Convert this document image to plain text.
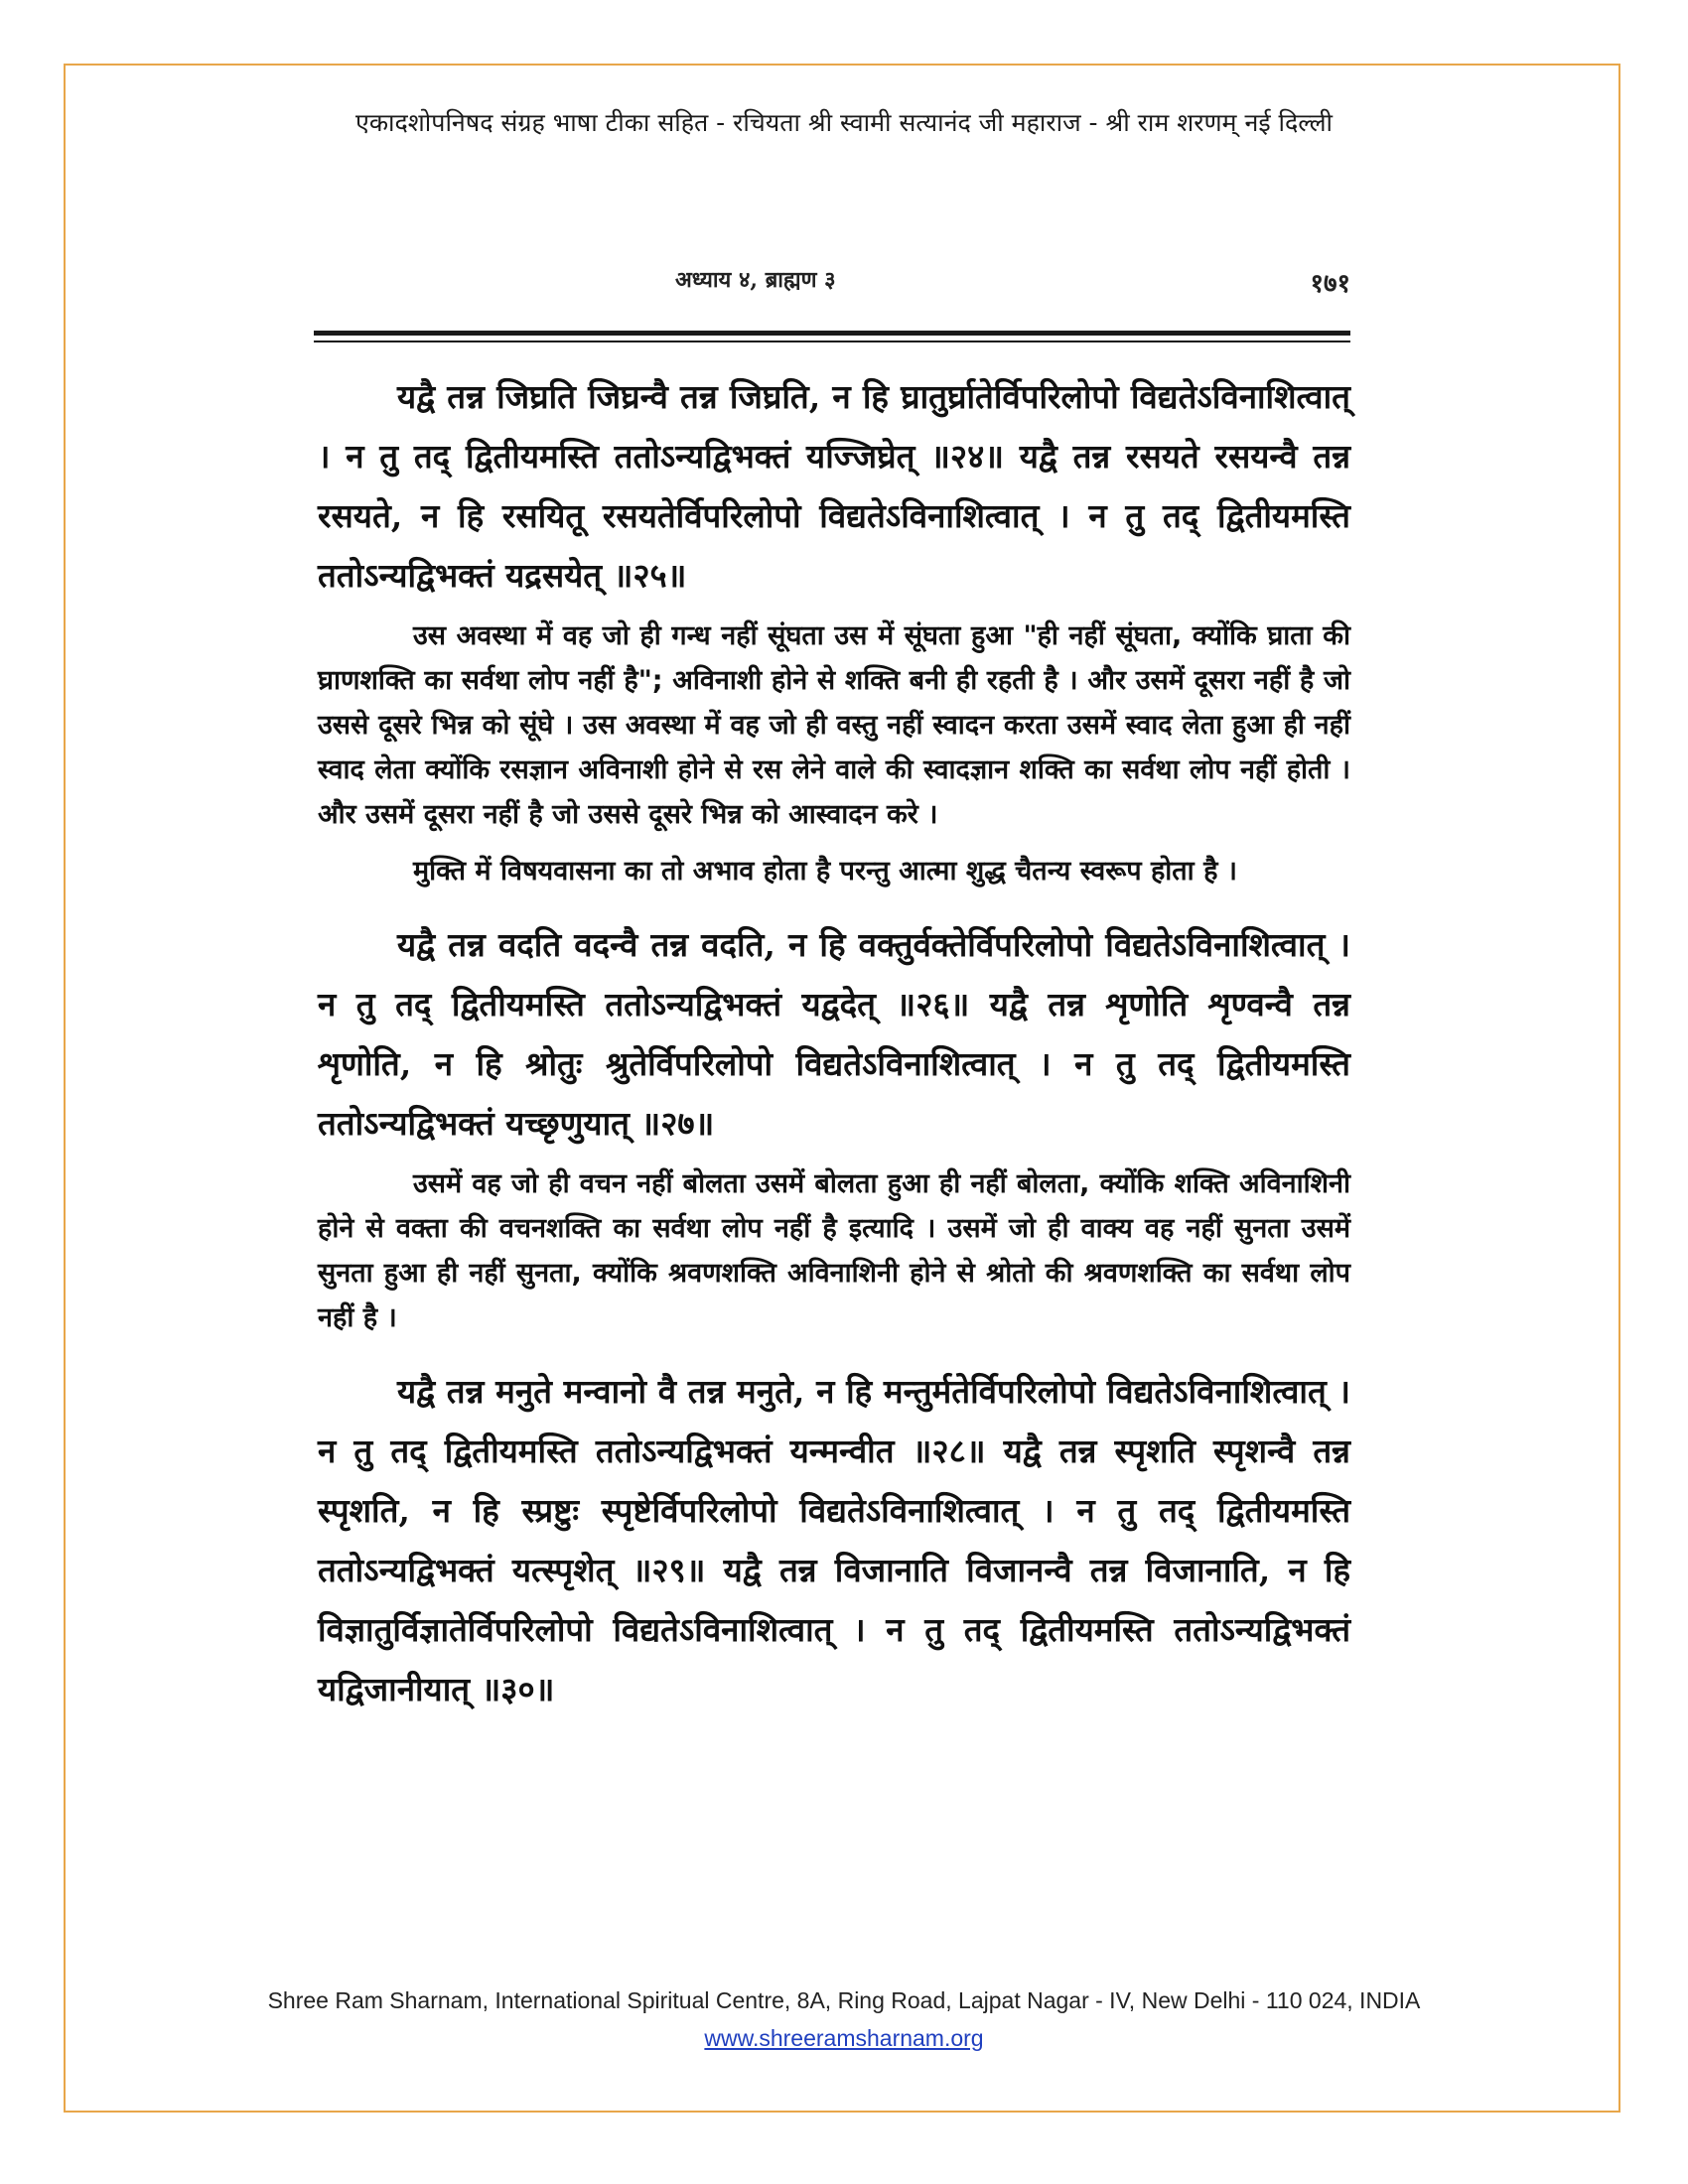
एकादशोपनिषद संग्रह भाषा टीका सहित - रचियता श्री स्वामी सत्यानंद जी महाराज - श्री राम शरणम् नई दिल्ली
अध्याय ४, ब्राह्मण ३	१७१

यद्वै तन्न जिघ्रति जिघ्रन्वै तन्न जिघ्रति, न हि घ्रातुर्घ्रातेर्विपरिलोपो विद्यतेऽविनाशित्वात् । न तु तद् द्वितीयमस्ति ततोऽन्यद्विभक्तं यज्जिघ्रेत् ॥२४॥ यद्वै तन्न रसयते रसयन्वै तन्न रसयते, न हि रसयितू रसयतेर्विपरिलोपो विद्यतेऽविनाशित्वात् । न तु तद् द्वितीयमस्ति ततोऽन्यद्विभक्तं यद्रसयेत् ॥२५॥

उस अवस्था में वह जो ही गन्ध नहीं सूंघता उस में सूंघता हुआ "ही नहीं सूंघता, क्योंकि घ्राता की घ्राणशक्ति का सर्वथा लोप नहीं है"; अविनाशी होने से शक्ति बनी ही रहती है । और उसमें दूसरा नहीं है जो उससे दूसरे भिन्न को सूंघे । उस अवस्था में वह जो ही वस्तु नहीं स्वादन करता उसमें स्वाद लेता हुआ ही नहीं स्वाद लेता क्योंकि रसज्ञान अविनाशी होने से रस लेने वाले की स्वादज्ञान शक्ति का सर्वथा लोप नहीं होती । और उसमें दूसरा नहीं है जो उससे दूसरे भिन्न को आस्वादन करे ।

मुक्ति में विषयवासना का तो अभाव होता है परन्तु आत्मा शुद्ध चैतन्य स्वरूप होता है ।

यद्वै तन्न वदति वदन्वै तन्न वदति, न हि वक्तुर्वक्तेर्विपरिलोपो विद्यतेऽविनाशित्वात् । न तु तद् द्वितीयमस्ति ततोऽन्यद्विभक्तं यद्वदेत् ॥२६॥ यद्वै तन्न शृणोति शृण्वन्वै तन्न शृणोति, न हि श्रोतुः श्रुतेर्विपरिलोपो विद्यतेऽविनाशित्वात् । न तु तद् द्वितीयमस्ति ततोऽन्यद्विभक्तं यच्छृणुयात् ॥२७॥

उसमें वह जो ही वचन नहीं बोलता उसमें बोलता हुआ ही नहीं बोलता, क्योंकि शक्ति अविनाशिनी होने से वक्ता की वचनशक्ति का सर्वथा लोप नहीं है इत्यादि । उसमें जो ही वाक्य वह नहीं सुनता उसमें सुनता हुआ ही नहीं सुनता, क्योंकि श्रवणशक्ति अविनाशिनी होने से श्रोतो की श्रवणशक्ति का सर्वथा लोप नहीं है ।

यद्वै तन्न मनुते मन्वानो वै तन्न मनुते, न हि मन्तुर्मतेर्विपरिलोपो विद्यतेऽविनाशित्वात् । न तु तद् द्वितीयमस्ति ततोऽन्यद्विभक्तं यन्मन्वीत ॥२८॥ यद्वै तन्न स्पृशति स्पृशन्वै तन्न स्पृशति, न हि स्प्रष्टुः स्पृष्टेर्विपरिलोपो विद्यतेऽविनाशित्वात् । न तु तद् द्वितीयमस्ति ततोऽन्यद्विभक्तं यत्स्पृशेत् ॥२९॥ यद्वै तन्न विजानाति विजानन्वै तन्न विजानाति, न हि विज्ञातुर्विज्ञातेर्विपरिलोपो विद्यतेऽविनाशित्वात् । न तु तद् द्वितीयमस्ति ततोऽन्यद्विभक्तं यद्विजानीयात् ॥३०॥

Shree Ram Sharnam, International Spiritual Centre, 8A, Ring Road, Lajpat Nagar - IV, New Delhi - 110 024, INDIA
www.shreeramsharnam.org
